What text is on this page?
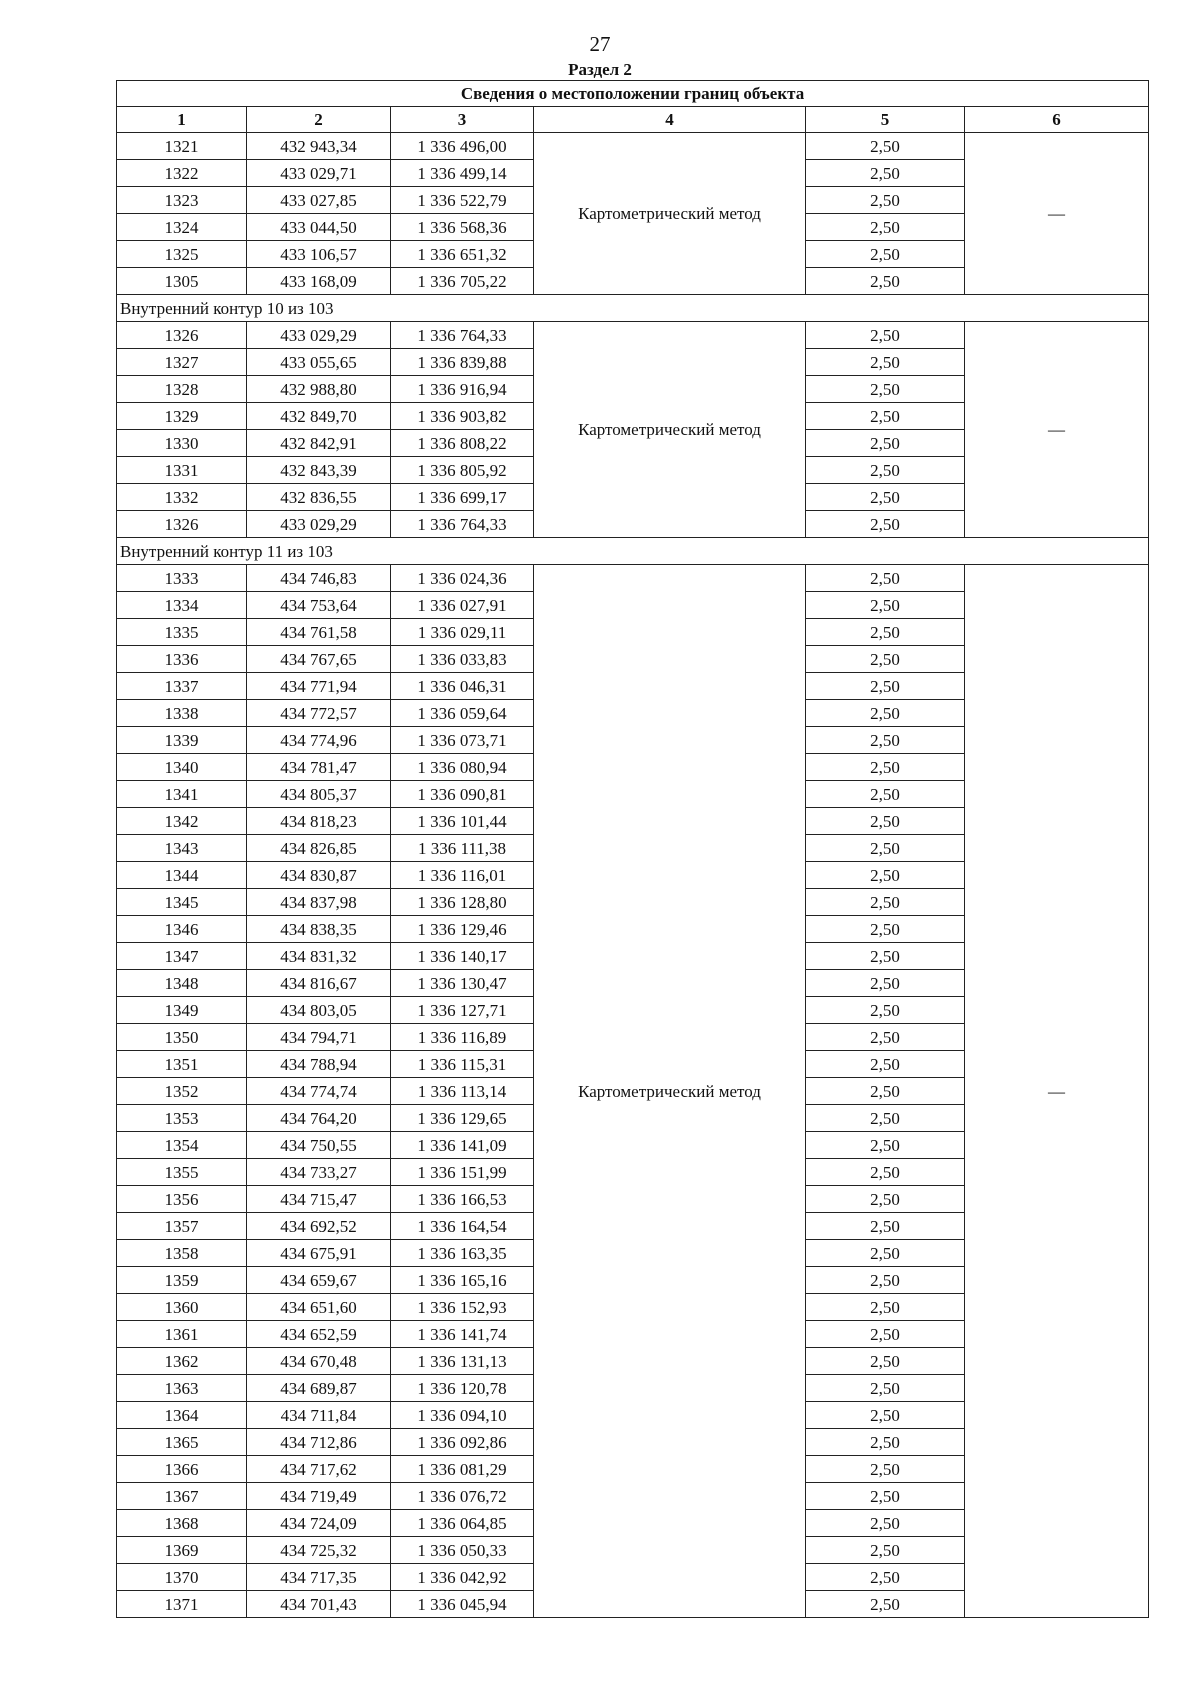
27
Раздел 2
Сведения о местоположении границ объекта					
1	2	3	4	5	6
1321	432 943,34	1 336 496,00	Картометрический метод	2,50	—
1322	433 029,71	1 336 499,14		2,50	
1323	433 027,85	1 336 522,79		2,50	
1324	433 044,50	1 336 568,36		2,50	
1325	433 106,57	1 336 651,32		2,50	
1305	433 168,09	1 336 705,22		2,50	
Внутренний контур 10 из 103					
1326	433 029,29	1 336 764,33	Картометрический метод	2,50	—
1327	433 055,65	1 336 839,88		2,50	
1328	432 988,80	1 336 916,94		2,50	
1329	432 849,70	1 336 903,82		2,50	
1330	432 842,91	1 336 808,22		2,50	
1331	432 843,39	1 336 805,92		2,50	
1332	432 836,55	1 336 699,17		2,50	
1326	433 029,29	1 336 764,33		2,50	
Внутренний контур 11 из 103					
1333	434 746,83	1 336 024,36	Картометрический метод	2,50	—
1334	434 753,64	1 336 027,91		2,50	
1335	434 761,58	1 336 029,11		2,50	
1336	434 767,65	1 336 033,83		2,50	
1337	434 771,94	1 336 046,31		2,50	
1338	434 772,57	1 336 059,64		2,50	
1339	434 774,96	1 336 073,71		2,50	
1340	434 781,47	1 336 080,94		2,50	
1341	434 805,37	1 336 090,81		2,50	
1342	434 818,23	1 336 101,44		2,50	
1343	434 826,85	1 336 111,38		2,50	
1344	434 830,87	1 336 116,01		2,50	
1345	434 837,98	1 336 128,80		2,50	
1346	434 838,35	1 336 129,46		2,50	
1347	434 831,32	1 336 140,17		2,50	
1348	434 816,67	1 336 130,47		2,50	
1349	434 803,05	1 336 127,71		2,50	
1350	434 794,71	1 336 116,89		2,50	
1351	434 788,94	1 336 115,31		2,50	
1352	434 774,74	1 336 113,14		2,50	
1353	434 764,20	1 336 129,65		2,50	
1354	434 750,55	1 336 141,09		2,50	
1355	434 733,27	1 336 151,99		2,50	
1356	434 715,47	1 336 166,53		2,50	
1357	434 692,52	1 336 164,54		2,50	
1358	434 675,91	1 336 163,35		2,50	
1359	434 659,67	1 336 165,16		2,50	
1360	434 651,60	1 336 152,93		2,50	
1361	434 652,59	1 336 141,74		2,50	
1362	434 670,48	1 336 131,13		2,50	
1363	434 689,87	1 336 120,78		2,50	
1364	434 711,84	1 336 094,10		2,50	
1365	434 712,86	1 336 092,86		2,50	
1366	434 717,62	1 336 081,29		2,50	
1367	434 719,49	1 336 076,72		2,50	
1368	434 724,09	1 336 064,85		2,50	
1369	434 725,32	1 336 050,33		2,50	
1370	434 717,35	1 336 042,92		2,50	
1371	434 701,43	1 336 045,94		2,50	
